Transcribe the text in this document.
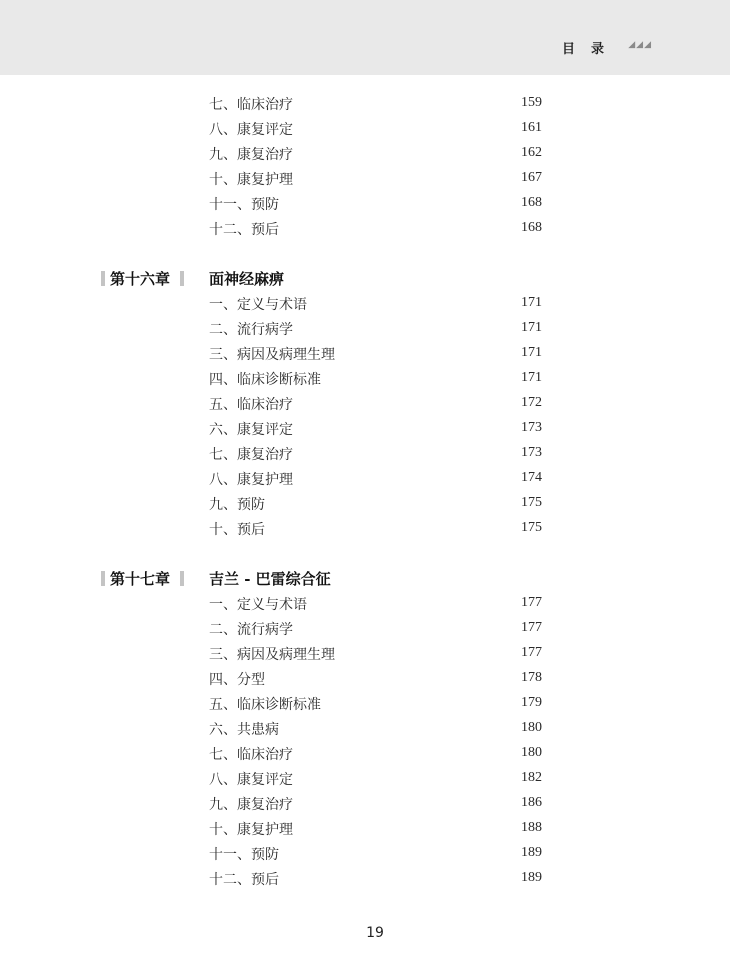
目录 ◢◢◢
七、临床治疗	159
八、康复评定	161
九、康复治疗	162
十、康复护理	167
十一、预防	168
十二、预后	168
第十六章	面神经麻痹
一、定义与术语	171
二、流行病学	171
三、病因及病理生理	171
四、临床诊断标准	171
五、临床治疗	172
六、康复评定	173
七、康复治疗	173
八、康复护理	174
九、预防	175
十、预后	175
第十七章	吉兰 - 巴雷综合征
一、定义与术语	177
二、流行病学	177
三、病因及病理生理	177
四、分型	178
五、临床诊断标准	179
六、共患病	180
七、临床治疗	180
八、康复评定	182
九、康复治疗	186
十、康复护理	188
十一、预防	189
十二、预后	189
19
